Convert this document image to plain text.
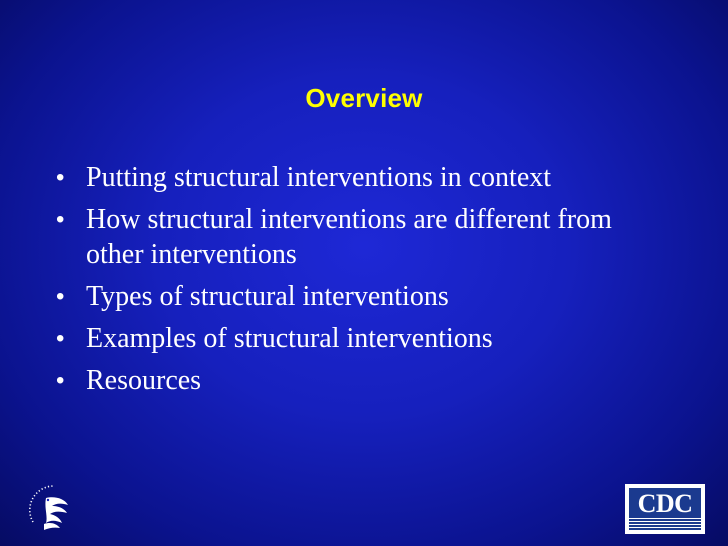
Overview
• Putting structural interventions in context
• How structural interventions are different from other interventions
• Types of structural interventions
• Examples of structural interventions
• Resources
CDC
